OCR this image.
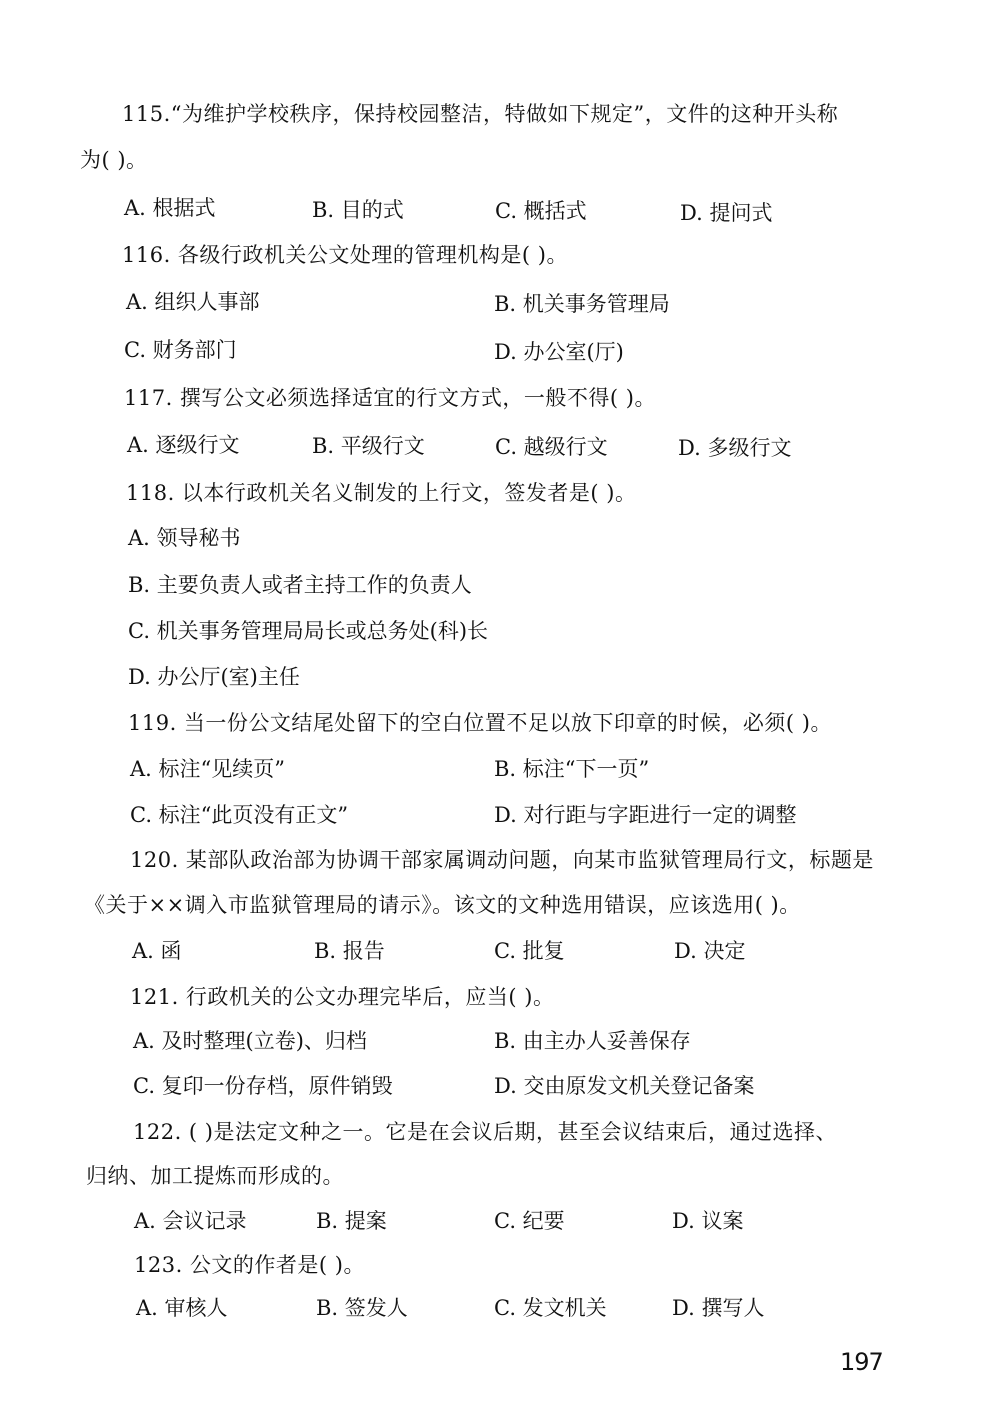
115.“为维护学校秩序，保持校园整洁，特做如下规定”，文件的这种开头称
为( )。
A. 根据式	B. 目的式	C. 概括式	D. 提问式
116. 各级行政机关公文处理的管理机构是( )。
A. 组织人事部	B. 机关事务管理局
C. 财务部门	D. 办公室(厅)
117. 撰写公文必须选择适宜的行文方式，一般不得( )。
A. 逐级行文	B. 平级行文	C. 越级行文	D. 多级行文
118. 以本行政机关名义制发的上行文，签发者是( )。
A. 领导秘书
B. 主要负责人或者主持工作的负责人
C. 机关事务管理局局长或总务处(科)长
D. 办公厅(室)主任
119. 当一份公文结尾处留下的空白位置不足以放下印章的时候，必须( )。
A. 标注“见续页”	B. 标注“下一页”
C. 标注“此页没有正文”	D. 对行距与字距进行一定的调整
120. 某部队政治部为协调干部家属调动问题，向某市监狱管理局行文，标题是
《关于××调入市监狱管理局的请示》。该文的文种选用错误，应该选用( )。
A. 函	B. 报告	C. 批复	D. 决定
121. 行政机关的公文办理完毕后，应当( )。
A. 及时整理(立卷)、归档	B. 由主办人妥善保存
C. 复印一份存档，原件销毁	D. 交由原发文机关登记备案
122. ( )是法定文种之一。它是在会议后期，甚至会议结束后，通过选择、
归纳、加工提炼而形成的。
A. 会议记录	B. 提案	C. 纪要	D. 议案
123. 公文的作者是( )。
A. 审核人	B. 签发人	C. 发文机关	D. 撰写人
197
